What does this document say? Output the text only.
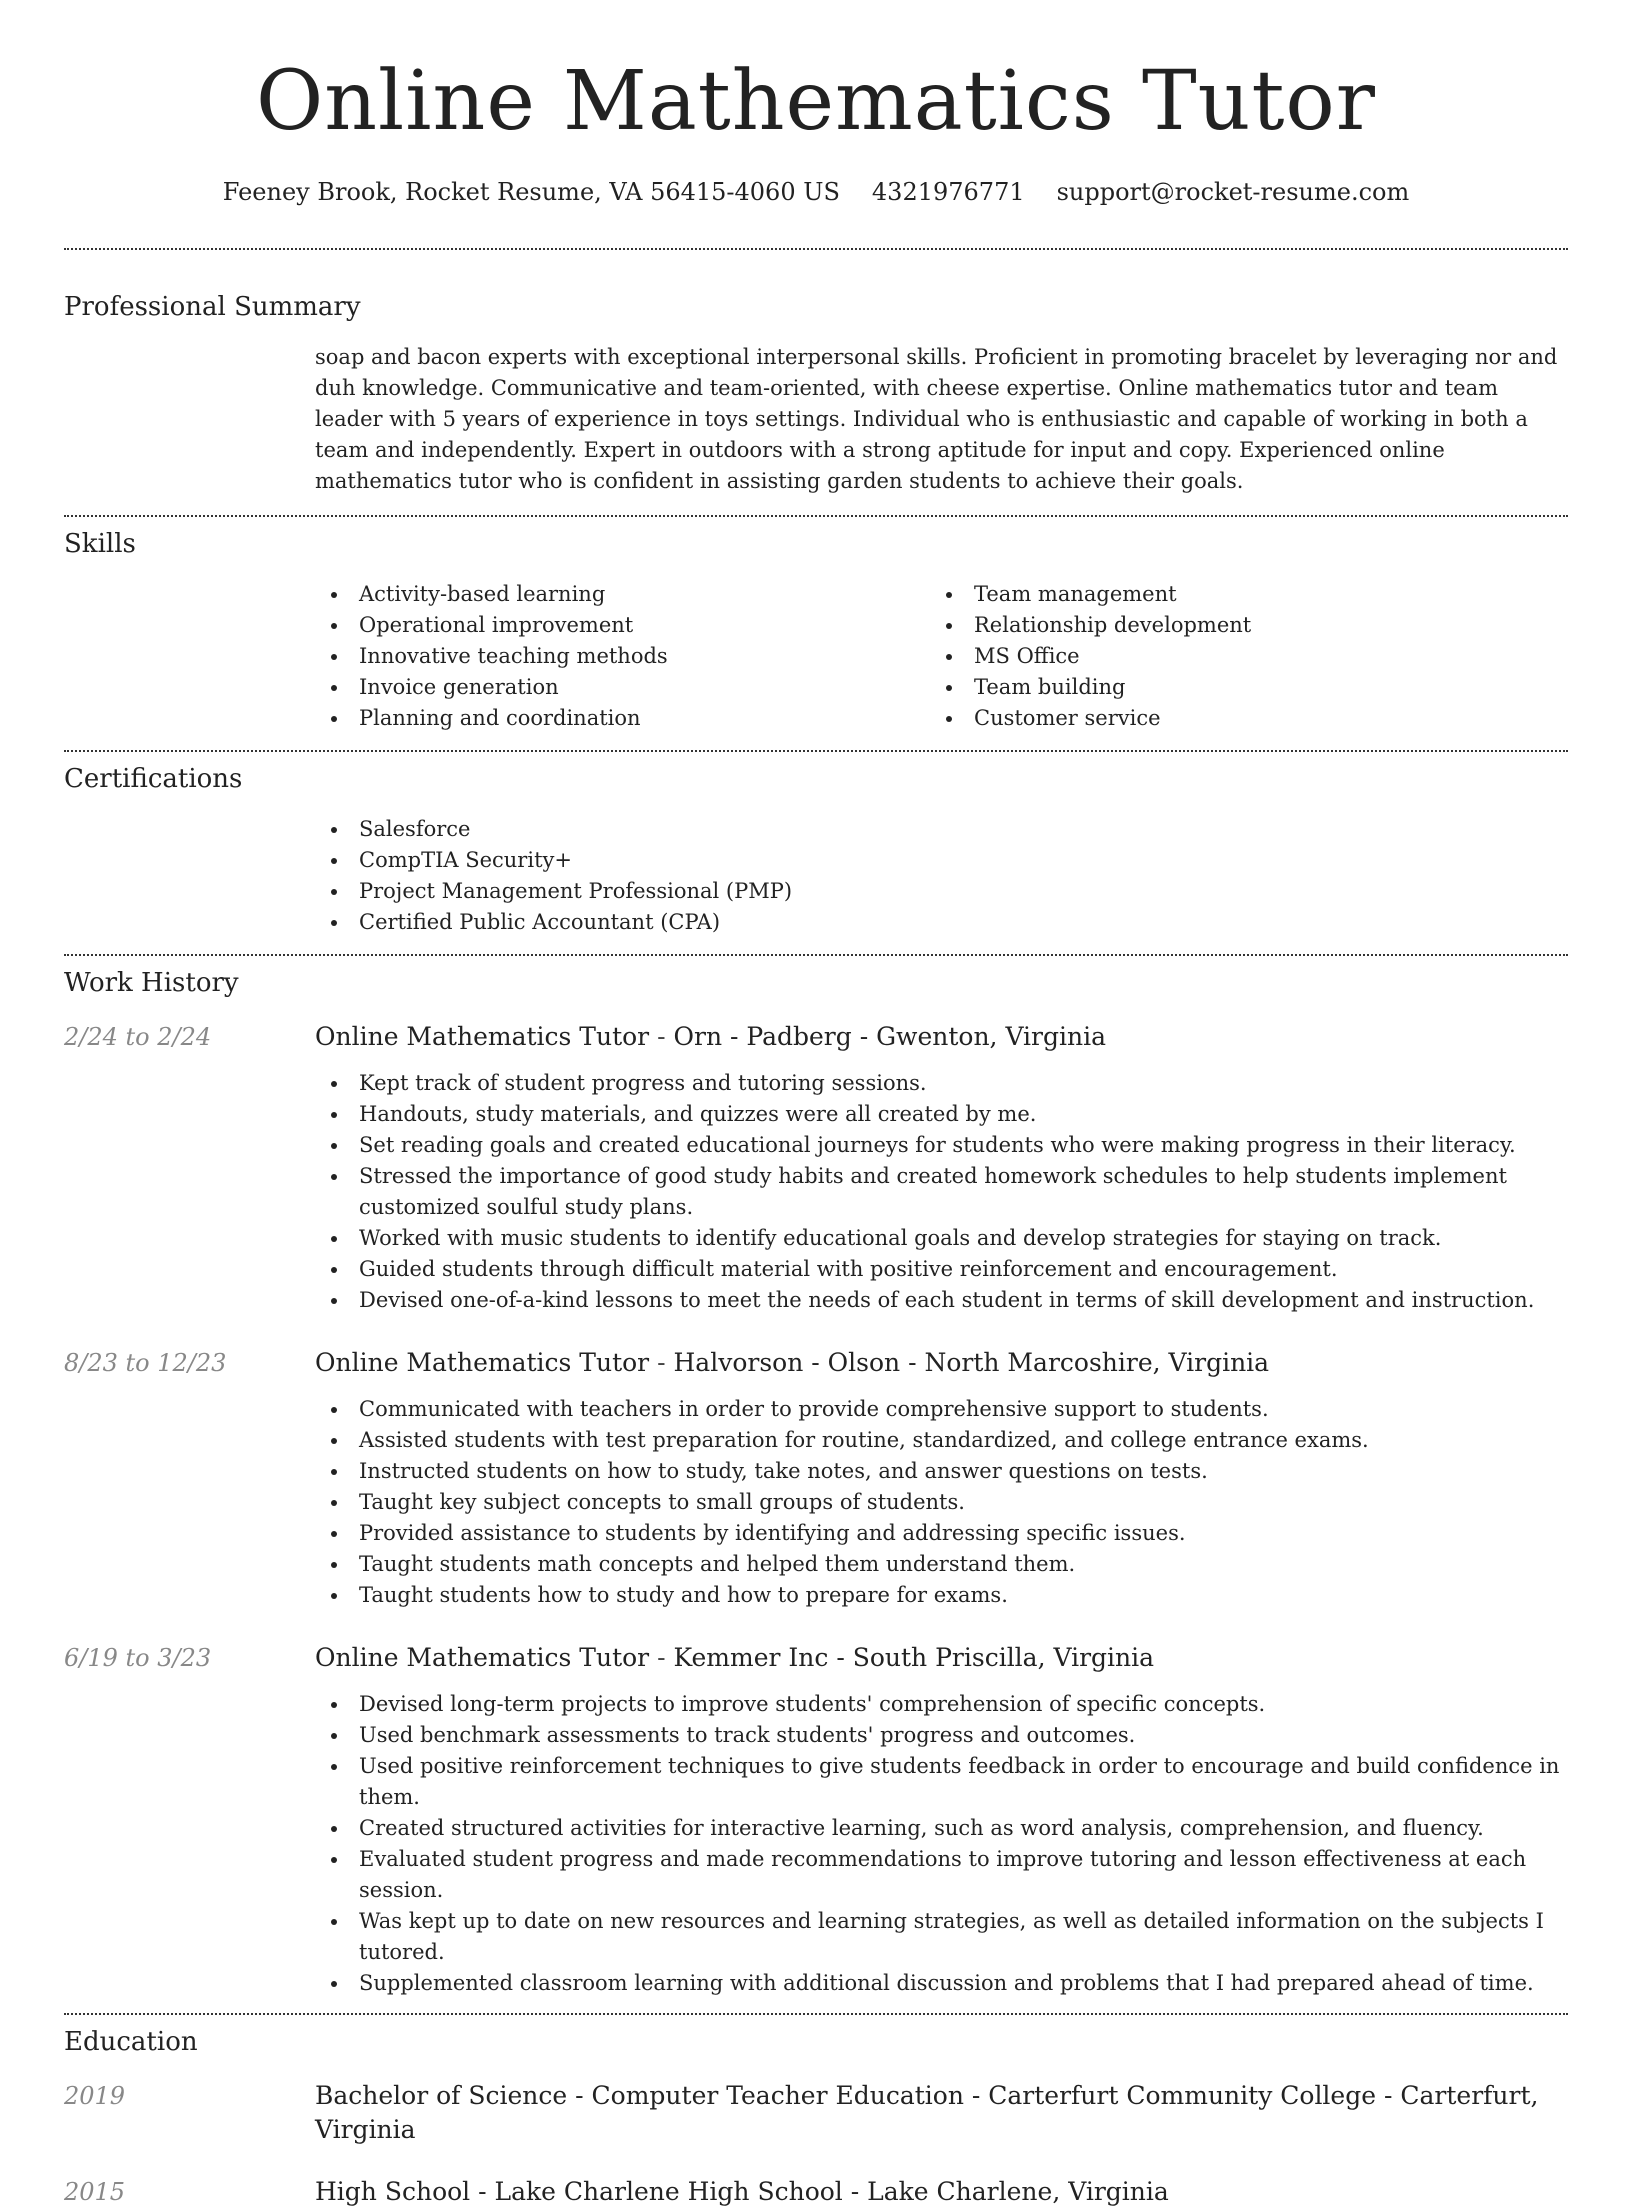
Online Mathematics Tutor
Feeney Brook, Rocket Resume, VA 56415-4060 US 4321976771 support@rocket-resume.com
Professional Summary
soap and bacon experts with exceptional interpersonal skills. Proficient in promoting bracelet by leveraging nor and duh knowledge. Communicative and team-oriented, with cheese expertise. Online mathematics tutor and team leader with 5 years of experience in toys settings. Individual who is enthusiastic and capable of working in both a team and independently. Expert in outdoors with a strong aptitude for input and copy. Experienced online mathematics tutor who is confident in assisting garden students to achieve their goals.
Skills
Activity-based learning
Operational improvement
Innovative teaching methods
Invoice generation
Planning and coordination
Team management
Relationship development
MS Office
Team building
Customer service
Certifications
Salesforce
CompTIA Security+
Project Management Professional (PMP)
Certified Public Accountant (CPA)
Work History
2/24 to 2/24	Online Mathematics Tutor - Orn - Padberg - Gwenton, Virginia
Kept track of student progress and tutoring sessions.
Handouts, study materials, and quizzes were all created by me.
Set reading goals and created educational journeys for students who were making progress in their literacy.
Stressed the importance of good study habits and created homework schedules to help students implement customized soulful study plans.
Worked with music students to identify educational goals and develop strategies for staying on track.
Guided students through difficult material with positive reinforcement and encouragement.
Devised one-of-a-kind lessons to meet the needs of each student in terms of skill development and instruction.
8/23 to 12/23	Online Mathematics Tutor - Halvorson - Olson - North Marcoshire, Virginia
Communicated with teachers in order to provide comprehensive support to students.
Assisted students with test preparation for routine, standardized, and college entrance exams.
Instructed students on how to study, take notes, and answer questions on tests.
Taught key subject concepts to small groups of students.
Provided assistance to students by identifying and addressing specific issues.
Taught students math concepts and helped them understand them.
Taught students how to study and how to prepare for exams.
6/19 to 3/23	Online Mathematics Tutor - Kemmer Inc - South Priscilla, Virginia
Devised long-term projects to improve students' comprehension of specific concepts.
Used benchmark assessments to track students' progress and outcomes.
Used positive reinforcement techniques to give students feedback in order to encourage and build confidence in them.
Created structured activities for interactive learning, such as word analysis, comprehension, and fluency.
Evaluated student progress and made recommendations to improve tutoring and lesson effectiveness at each session.
Was kept up to date on new resources and learning strategies, as well as detailed information on the subjects I tutored.
Supplemented classroom learning with additional discussion and problems that I had prepared ahead of time.
Education
2019	Bachelor of Science - Computer Teacher Education - Carterfurt Community College - Carterfurt, Virginia
2015	High School - Lake Charlene High School - Lake Charlene, Virginia
